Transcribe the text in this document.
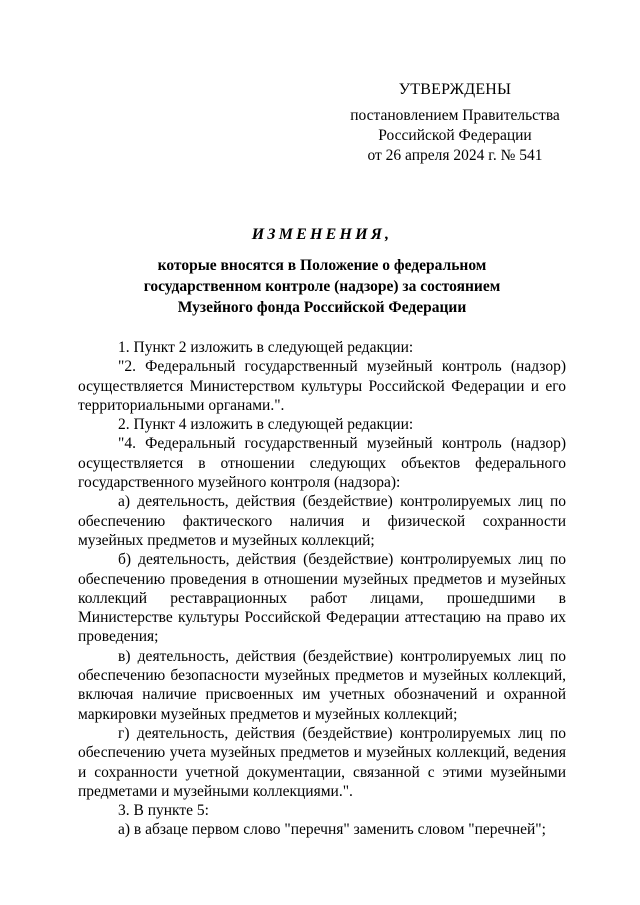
УТВЕРЖДЕНЫ
постановлением Правительства
Российской Федерации
от 26 апреля 2024 г. № 541
ИЗМЕНЕНИЯ,
которые вносятся в Положение о федеральном
государственном контроле (надзоре) за состоянием
Музейного фонда Российской Федерации

1. Пункт 2 изложить в следующей редакции:

"2. Федеральный государственный музейный контроль (надзор) осуществляется Министерством культуры Российской Федерации и его территориальными органами.".

2. Пункт 4 изложить в следующей редакции:

"4. Федеральный государственный музейный контроль (надзор) осуществляется в отношении следующих объектов федерального государственного музейного контроля (надзора):

а) деятельность, действия (бездействие) контролируемых лиц по обеспечению фактического наличия и физической сохранности музейных предметов и музейных коллекций;

б) деятельность, действия (бездействие) контролируемых лиц по обеспечению проведения в отношении музейных предметов и музейных коллекций реставрационных работ лицами, прошедшими в Министерстве культуры Российской Федерации аттестацию на право их проведения;

в) деятельность, действия (бездействие) контролируемых лиц по обеспечению безопасности музейных предметов и музейных коллекций, включая наличие присвоенных им учетных обозначений и охранной маркировки музейных предметов и музейных коллекций;

г) деятельность, действия (бездействие) контролируемых лиц по обеспечению учета музейных предметов и музейных коллекций, ведения и сохранности учетной документации, связанной с этими музейными предметами и музейными коллекциями.".

3. В пункте 5:

а) в абзаце первом слово "перечня" заменить словом "перечней";
